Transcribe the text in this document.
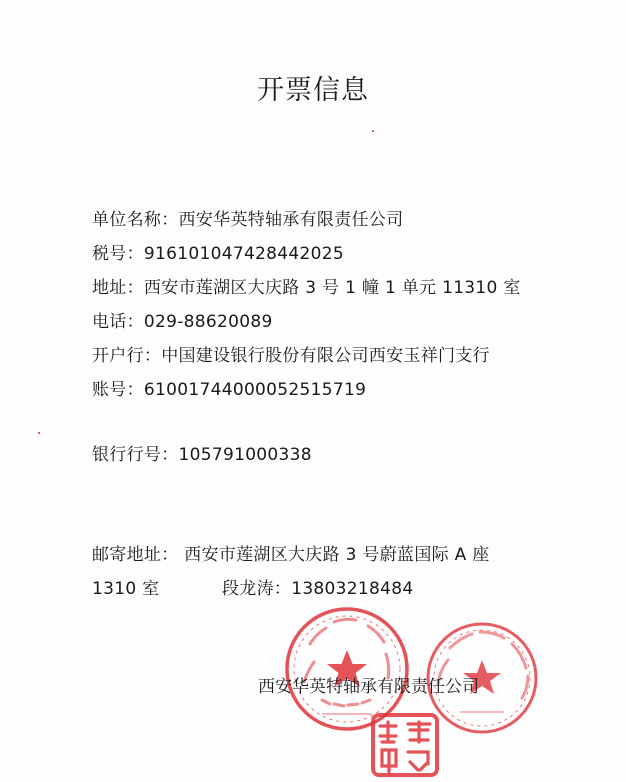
开票信息
单位名称：西安华英特轴承有限责任公司
税号：916101047428442025
地址：西安市莲湖区大庆路 3 号 1 幢 1 单元 11310 室
电话：029-88620089
开户行：中国建设银行股份有限公司西安玉祥门支行
账号：61001744000052515719
银行行号：105791000338
邮寄地址： 西安市莲湖区大庆路 3 号蔚蓝国际 A 座
1310 室	段龙涛：13803218484
西安华英特轴承有限责任公司
